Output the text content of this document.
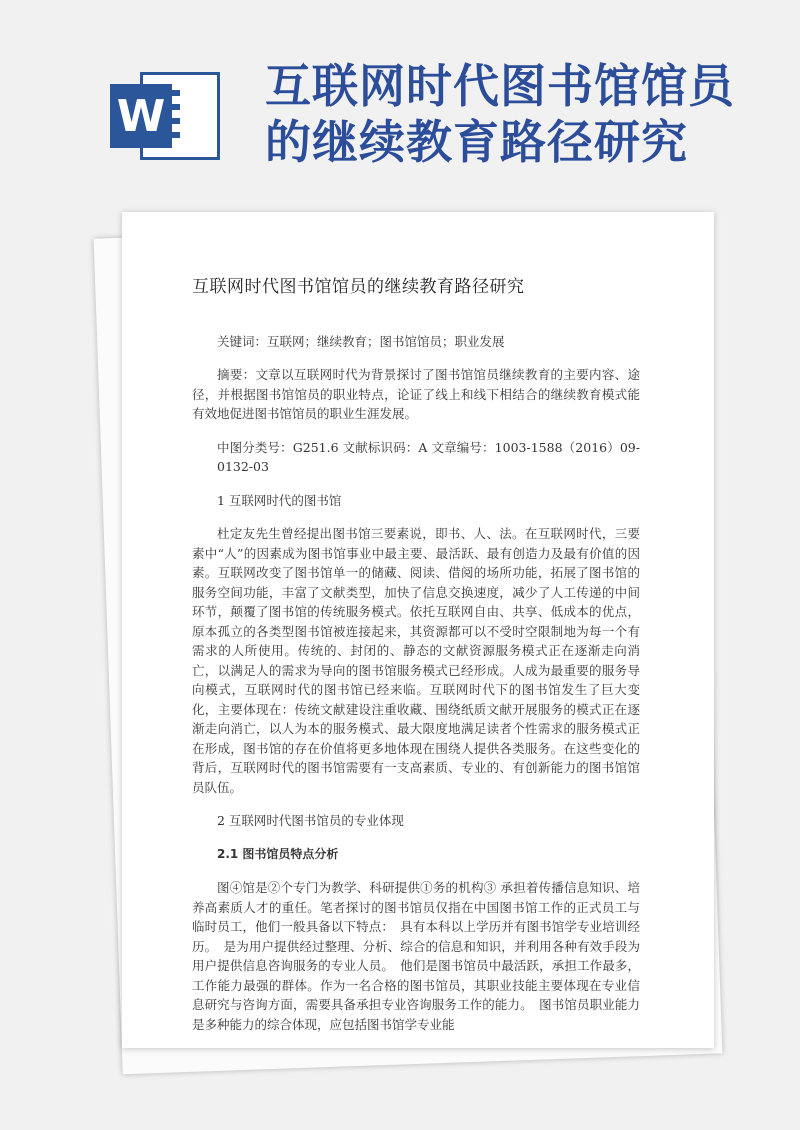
W
互联网时代图书馆馆员的继续教育路径研究
互联网时代图书馆馆员的继续教育路径研究

关键词：互联网；继续教育；图书馆馆员；职业发展

摘要：文章以互联网时代为背景探讨了图书馆馆员继续教育的主要内容、途径，并根据图书馆馆员的职业特点，论证了线上和线下相结合的继续教育模式能有效地促进图书馆馆员的职业生涯发展。

中图分类号：G251.6 文献标识码：A 文章编号：1003-1588（2016）09-0132-03

1 互联网时代的图书馆

杜定友先生曾经提出图书馆三要素说，即书、人、法。在互联网时代，三要素中“人”的因素成为图书馆事业中最主要、最活跃、最有创造力及最有价值的因素。互联网改变了图书馆单一的储藏、阅读、借阅的场所功能，拓展了图书馆的服务空间功能，丰富了文献类型，加快了信息交换速度，减少了人工传递的中间环节，颠覆了图书馆的传统服务模式。依托互联网自由、共享、低成本的优点，原本孤立的各类型图书馆被连接起来，其资源都可以不受时空限制地为每一个有需求的人所使用。传统的、封闭的、静态的文献资源服务模式正在逐渐走向消亡，以满足人的需求为导向的图书馆服务模式已经形成。人成为最重要的服务导向模式，互联网时代的图书馆已经来临。互联网时代下的图书馆发生了巨大变化，主要体现在：传统文献建设注重收藏、围绕纸质文献开展服务的模式正在逐渐走向消亡，以人为本的服务模式、最大限度地满足读者个性需求的服务模式正在形成，图书馆的存在价值将更多地体现在围绕人提供各类服务。在这些变化的背后，互联网时代的图书馆需要有一支高素质、专业的、有创新能力的图书馆馆员队伍。

2 互联网时代图书馆员的专业体现

2.1 图书馆员特点分析

图④馆是②个专门为教学、科研提供①务的机构③ 承担着传播信息知识、培养高素质人才的重任。笔者探讨的图书馆员仅指在中国图书馆工作的正式员工与临时员工，他们一般具备以下特点：　具有本科以上学历并有图书馆学专业培训经历。　是为用户提供经过整理、分析、综合的信息和知识，并利用各种有效手段为用户提供信息咨询服务的专业人员。　他们是图书馆员中最活跃，承担工作最多，工作能力最强的群体。作为一名合格的图书馆员，其职业技能主要体现在专业信息研究与咨询方面，需要具备承担专业咨询服务工作的能力。　图书馆员职业能力是多种能力的综合体现，应包括图书馆学专业能
